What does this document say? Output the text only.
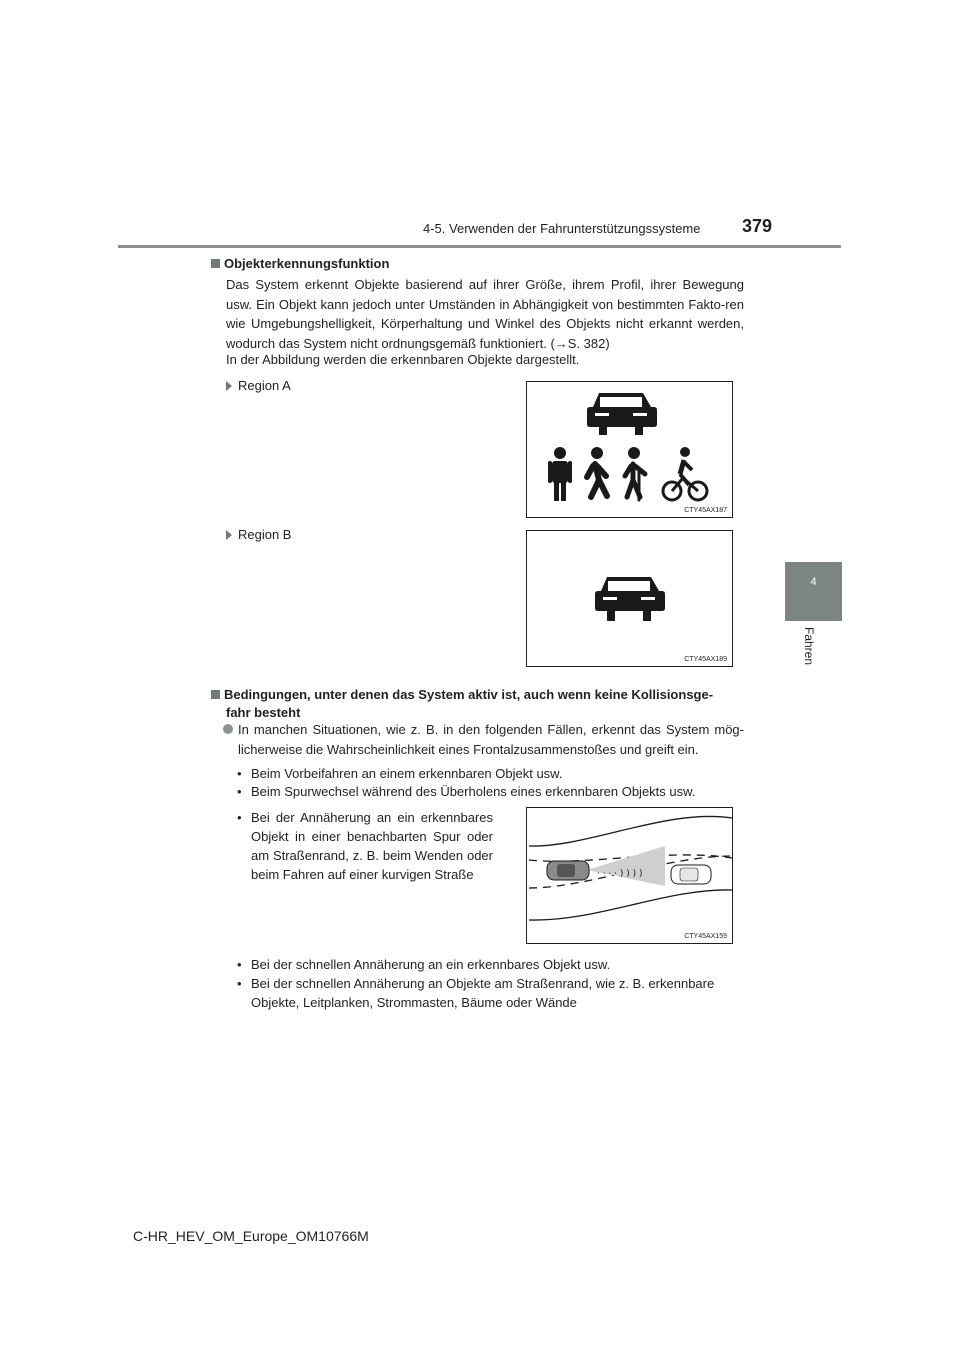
4-5. Verwenden der Fahrunterstützungssysteme 379
4
Fahren
Objekterkennungsfunktion
Das System erkennt Objekte basierend auf ihrer Größe, ihrem Profil, ihrer Bewegung usw. Ein Objekt kann jedoch unter Umständen in Abhängigkeit von bestimmten Fakto-ren wie Umgebungshelligkeit, Körperhaltung und Winkel des Objekts nicht erkannt werden, wodurch das System nicht ordnungsgemäß funktioniert. (→S. 382)
In der Abbildung werden die erkennbaren Objekte dargestellt.
Region A
CTY45AX187
Region B
CTY45AX189
Bedingungen, unter denen das System aktiv ist, auch wenn keine Kollisionsge-
fahr besteht
In manchen Situationen, wie z. B. in den folgenden Fällen, erkennt das System mög-licherweise die Wahrscheinlichkeit eines Frontalzusammenstoßes und greift ein.
• Beim Vorbeifahren an einem erkennbaren Objekt usw.
• Beim Spurwechsel während des Überholens eines erkennbaren Objekts usw.
• Bei der Annäherung an ein erkennbares Objekt in einer benachbarten Spur oder am Straßenrand, z. B. beim Wenden oder beim Fahren auf einer kurvigen Straße	· · · · ) ) ) )
CTY45AX159
• Bei der schnellen Annäherung an ein erkennbares Objekt usw.
• Bei der schnellen Annäherung an Objekte am Straßenrand, wie z. B. erkennbare Objekte, Leitplanken, Strommasten, Bäume oder Wände
C-HR_HEV_OM_Europe_OM10766M
